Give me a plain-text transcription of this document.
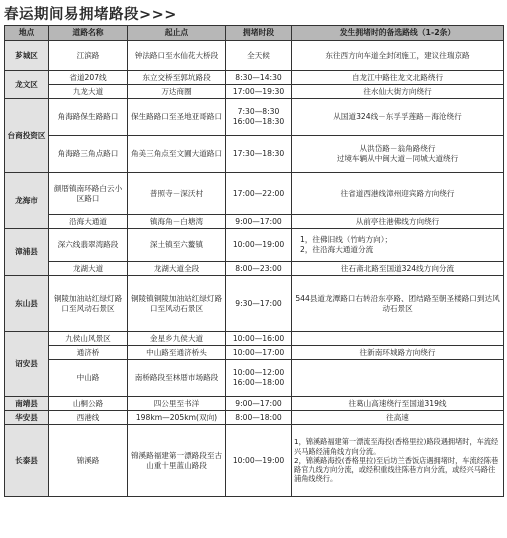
春运期间易拥堵路段>>>
地点	道路名称	起止点	拥堵时段	发生拥堵时的备选路线（1-2条）
芗城区	江滨路	钟法路口至水仙花大桥段	全天候	东往西方向车道全封闭施工，建议往瑞京路
龙文区	省道207线	东立交桥至郭坑路段	8:30—14:30	自龙江中路往龙文北路绕行
	九龙大道	万达商圈	17:00—19:30	往水仙大街方向绕行
台商投资区	角海路保生路路口	保生路路口至圣地亚哥路口	7:30—8:30
16:00—18:30	从国道324线－东孚孚莲路－海沧绕行
	角海路三角点路口	角美三角点至文圃大道路口	17:30—18:30	从洪岱路－翁角路绕行
过境车辆从中闽大道－同城大道绕行
龙海市	颜厝镇南环路白云小区路口	普照寺－深沃村	17:00—22:00	往省道西港线漳州迎宾路方向绕行
	沿海大通道	镇海角－白塘湾	9:00—17:00	从前亭往港佛线方向绕行
漳浦县	深六线翡翠湾路段	深土镇至六鳌镇	10:00—19:00	1，往佛旧线（竹屿方向）；
2，往沿海大通道分流
	龙湖大道	龙湖大道全段	8:00—23:00	往石斋北路至国道324线方向分流
东山县	铜陵加油站红绿灯路口至风动石景区	铜陵镇铜陵加油站红绿灯路口至风动石景区	9:30—17:00	544县道龙潭路口右转沿东亭路、团结路至朝圣楼路口到达风动石景区
诏安县	九侯山风景区	金星乡九侯大道	10:00—16:00	
	通济桥	中山路至通济桥头	10:00—17:00	往新南环城路方向绕行
	中山路	南桥路段至林厝市场路段	10:00—12:00
16:00—18:00	
南靖县	山桐公路	四公里至书洋	9:00—17:00	往葛山高速绕行至国道319线
华安县	西港线	198km—205km(双向)	8:00—18:00	往高速
长泰县	锦溪路	锦溪路福建第一漂路段至古山重十里蓝山路段	10:00—19:00	1，锦溪路福建第一漂流至海投(香格里拉)路段遇拥堵时，车流经兴马路经浦角线方向分流。
2，锦溪路海投(香格里拉)至后坊兰香饭店遇拥堵时，车流经陈巷路官九线方向分流，或经积重线往陈巷方向分流，或经兴马路往浦角线绕行。
